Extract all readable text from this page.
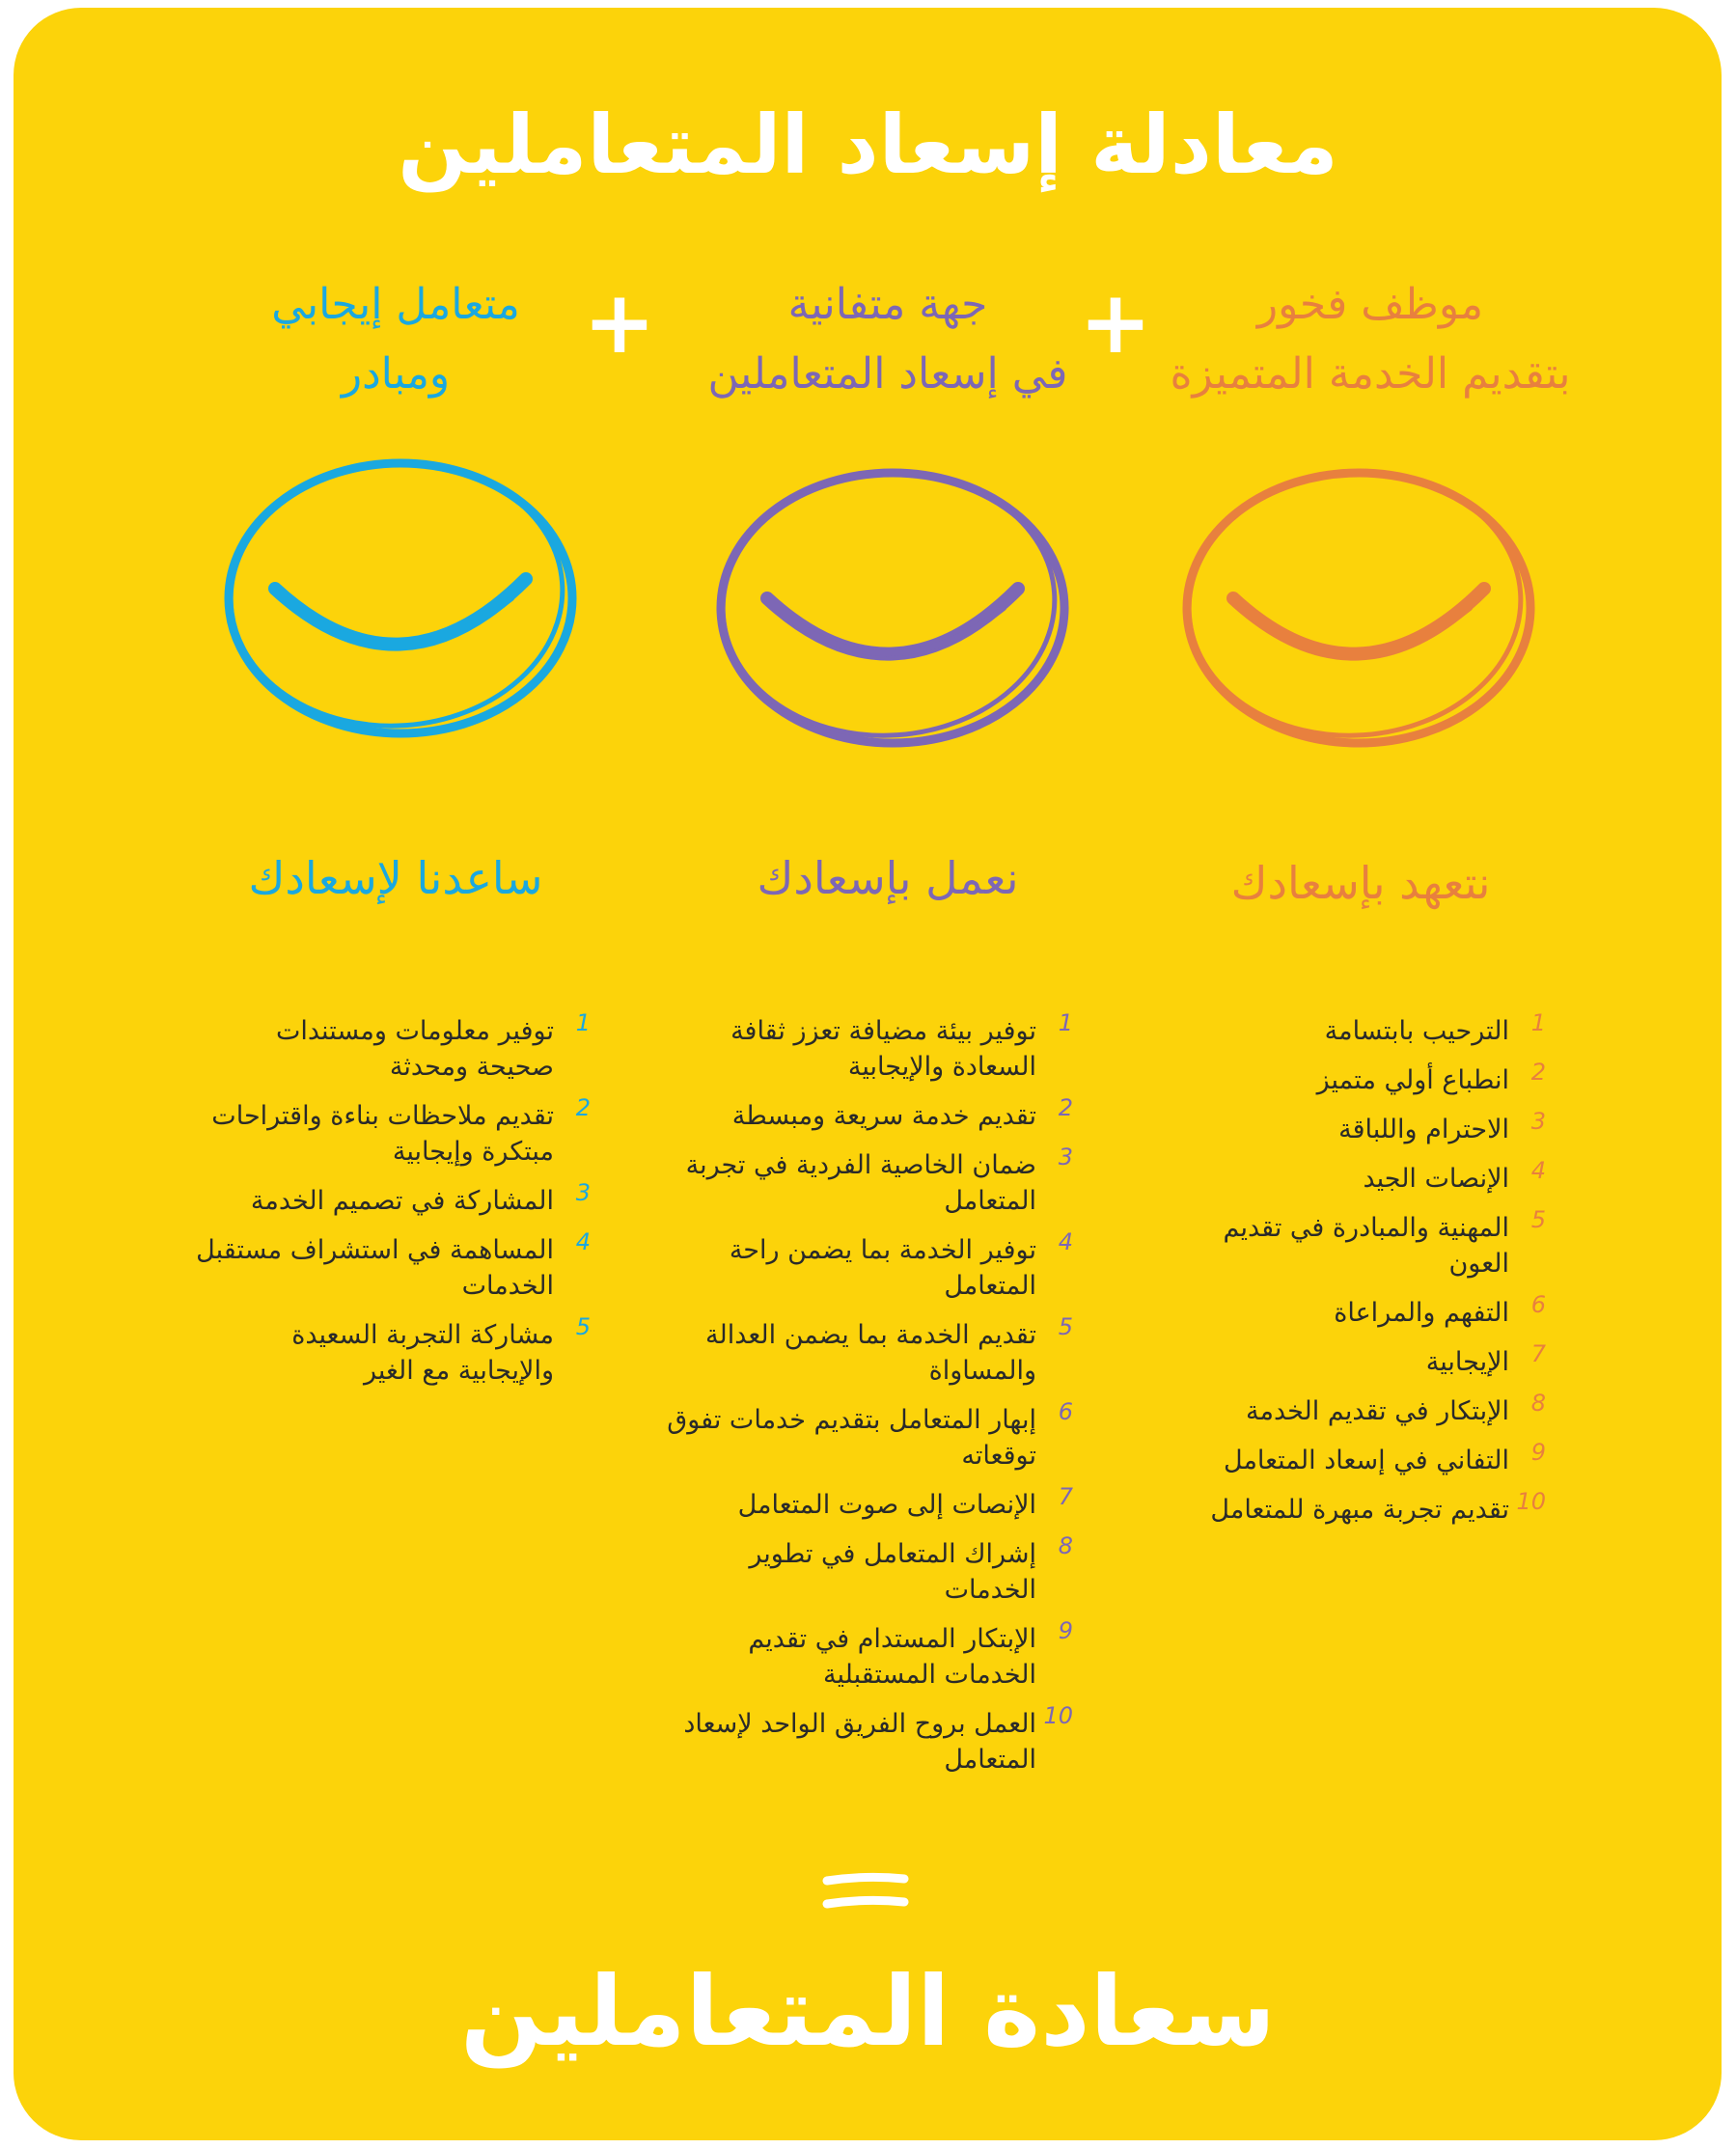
معادلة إسعاد المتعاملين
موظف فخور
بتقديم الخدمة المتميزة
+
جهة متفانية
في إسعاد المتعاملين
+
متعامل إيجابي
ومبادر
نتعهد بإسعادك
نعمل بإسعادك
ساعدنا لإسعادك
1
الترحيب بابتسامة
2
انطباع أولي متميز
3
الاحترام واللباقة
4
الإنصات الجيد
5
المهنية والمبادرة في تقديم العون
6
التفهم والمراعاة
7
الإيجابية
8
الإبتكار في تقديم الخدمة
9
التفاني في إسعاد المتعامل
10
تقديم تجربة مبهرة للمتعامل
1
توفير بيئة مضيافة تعزز ثقافة السعادة والإيجابية
2
تقديم خدمة سريعة ومبسطة
3
ضمان الخاصية الفردية في تجربة المتعامل
4
توفير الخدمة بما يضمن راحة المتعامل
5
تقديم الخدمة بما يضمن العدالة والمساواة
6
إبهار المتعامل بتقديم خدمات تفوق توقعاته
7
الإنصات إلى صوت المتعامل
8
إشراك المتعامل في تطوير الخدمات
9
الإبتكار المستدام في تقديم الخدمات المستقبلية
10
العمل بروح الفريق الواحد لإسعاد المتعامل
1
توفير معلومات ومستندات صحيحة ومحدثة
2
تقديم ملاحظات بناءة واقتراحات مبتكرة وإيجابية
3
المشاركة في تصميم الخدمة
4
المساهمة في استشراف مستقبل الخدمات
5
مشاركة التجربة السعيدة والإيجابية مع الغير
سعادة المتعاملين
